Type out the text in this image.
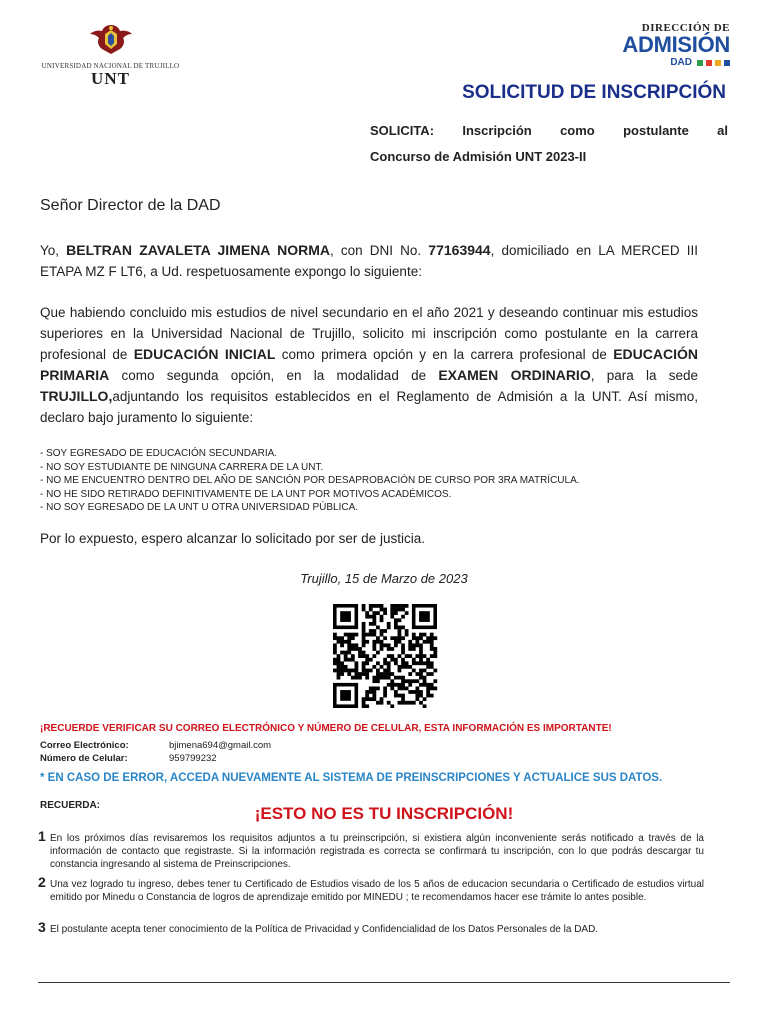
UNIVERSIDAD NACIONAL DE TRUJILLO
UNT
DIRECCIÓN DE
ADMISIÓN
DAD
SOLICITUD DE INSCRIPCIÓN
SOLICITA: Inscripción como postulante al
Concurso de Admisión UNT 2023-II
Señor Director de la DAD
Yo, BELTRAN ZAVALETA JIMENA NORMA, con DNI No. 77163944, domiciliado en LA MERCED III ETAPA MZ F LT6, a Ud. respetuosamente expongo lo siguiente:
Que habiendo concluido mis estudios de nivel secundario en el año 2021 y deseando continuar mis estudios superiores en la Universidad Nacional de Trujillo, solicito mi inscripción como postulante en la carrera profesional de EDUCACIÓN INICIAL como primera opción y en la carrera profesional de EDUCACIÓN PRIMARIA como segunda opción, en la modalidad de EXAMEN ORDINARIO, para la sede TRUJILLO,adjuntando los requisitos establecidos en el Reglamento de Admisión a la UNT. Así mismo, declaro bajo juramento lo siguiente:
- SOY EGRESADO DE EDUCACIÓN SECUNDARIA.
- NO SOY ESTUDIANTE DE NINGUNA CARRERA DE LA UNT.
- NO ME ENCUENTRO DENTRO DEL AÑO DE SANCIÓN POR DESAPROBACIÓN DE CURSO POR 3RA MATRÍCULA.
- NO HE SIDO RETIRADO DEFINITIVAMENTE DE LA UNT POR MOTIVOS ACADÉMICOS.
- NO SOY EGRESADO DE LA UNT U OTRA UNIVERSIDAD PÚBLICA.
Por lo expuesto, espero alcanzar lo solicitado por ser de justicia.
Trujillo, 15 de Marzo de 2023
¡RECUERDE VERIFICAR SU CORREO ELECTRÓNICO Y NÚMERO DE CELULAR, ESTA INFORMACIÓN ES IMPORTANTE!
Correo Electrónico:	bjimena694@gmail.com
Número de Celular:	959799232
* EN CASO DE ERROR, ACCEDA NUEVAMENTE AL SISTEMA DE PREINSCRIPCIONES Y ACTUALICE SUS DATOS.
RECUERDA:	¡ESTO NO ES TU INSCRIPCIÓN!
1 En los próximos días revisaremos los requisitos adjuntos a tu preinscripción, si existiera algún inconveniente serás notificado a través de la información de contacto que registraste. Si la información registrada es correcta se confirmará tu inscripción, con lo que podrás descargar tu constancia ingresando al sistema de Preinscripciones.
2 Una vez logrado tu ingreso, debes tener tu Certificado de Estudios visado de los 5 años de educacion secundaria o Certificado de estudios virtual emitido por Minedu o Constancia de logros de aprendizaje emitido por MINEDU ; te recomendamos hacer ese trámite lo antes posible.
3 El postulante acepta tener conocimiento de la Política de Privacidad y Confidencialidad de los Datos Personales de la DAD.
